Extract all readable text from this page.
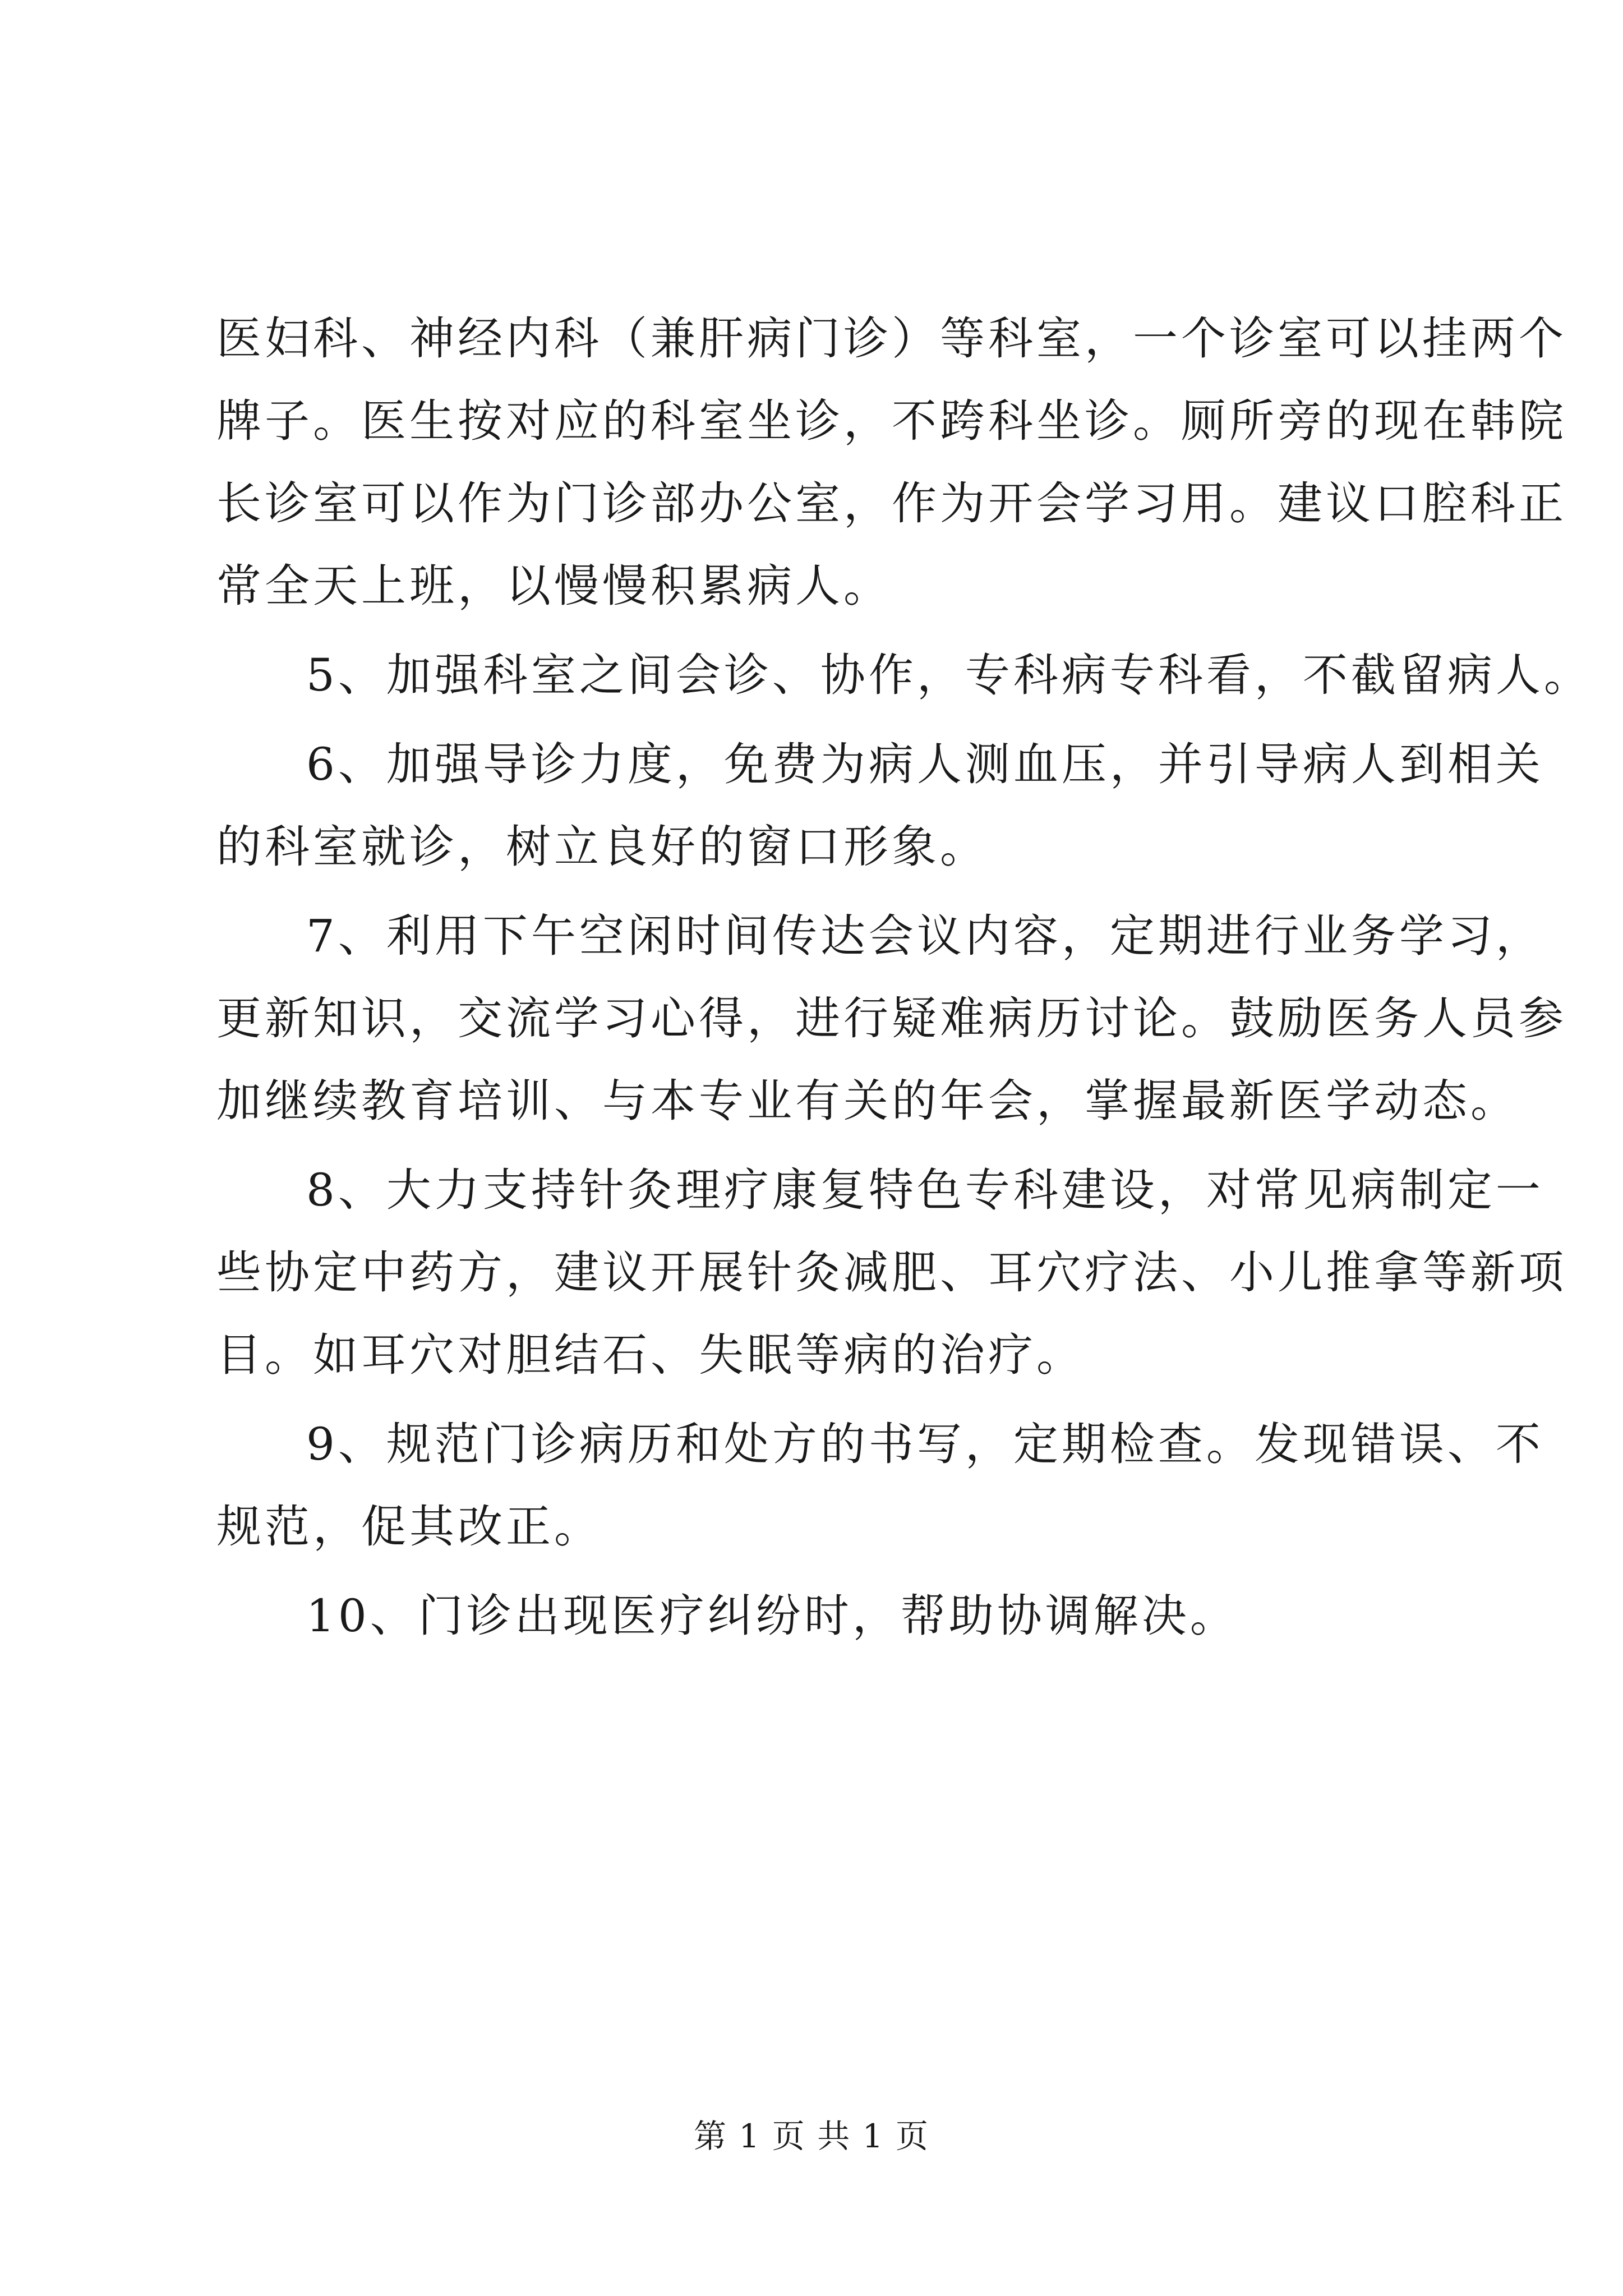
医妇科、神经内科（兼肝病门诊）等科室，一个诊室可以挂两个
牌子。医生按对应的科室坐诊，不跨科坐诊。厕所旁的现在韩院
长诊室可以作为门诊部办公室，作为开会学习用。建议口腔科正
常全天上班，以慢慢积累病人。
5、加强科室之间会诊、协作，专科病专科看，不截留病人。
6、加强导诊力度，免费为病人测血压，并引导病人到相关
的科室就诊，树立良好的窗口形象。
7、利用下午空闲时间传达会议内容，定期进行业务学习，
更新知识，交流学习心得，进行疑难病历讨论。鼓励医务人员参
加继续教育培训、与本专业有关的年会，掌握最新医学动态。
8、大力支持针灸理疗康复特色专科建设，对常见病制定一
些协定中药方，建议开展针灸减肥、耳穴疗法、小儿推拿等新项
目。如耳穴对胆结石、失眠等病的治疗。
9、规范门诊病历和处方的书写，定期检查。发现错误、不
规范，促其改正。
10、门诊出现医疗纠纷时，帮助协调解决。
第 1 页 共 1 页
